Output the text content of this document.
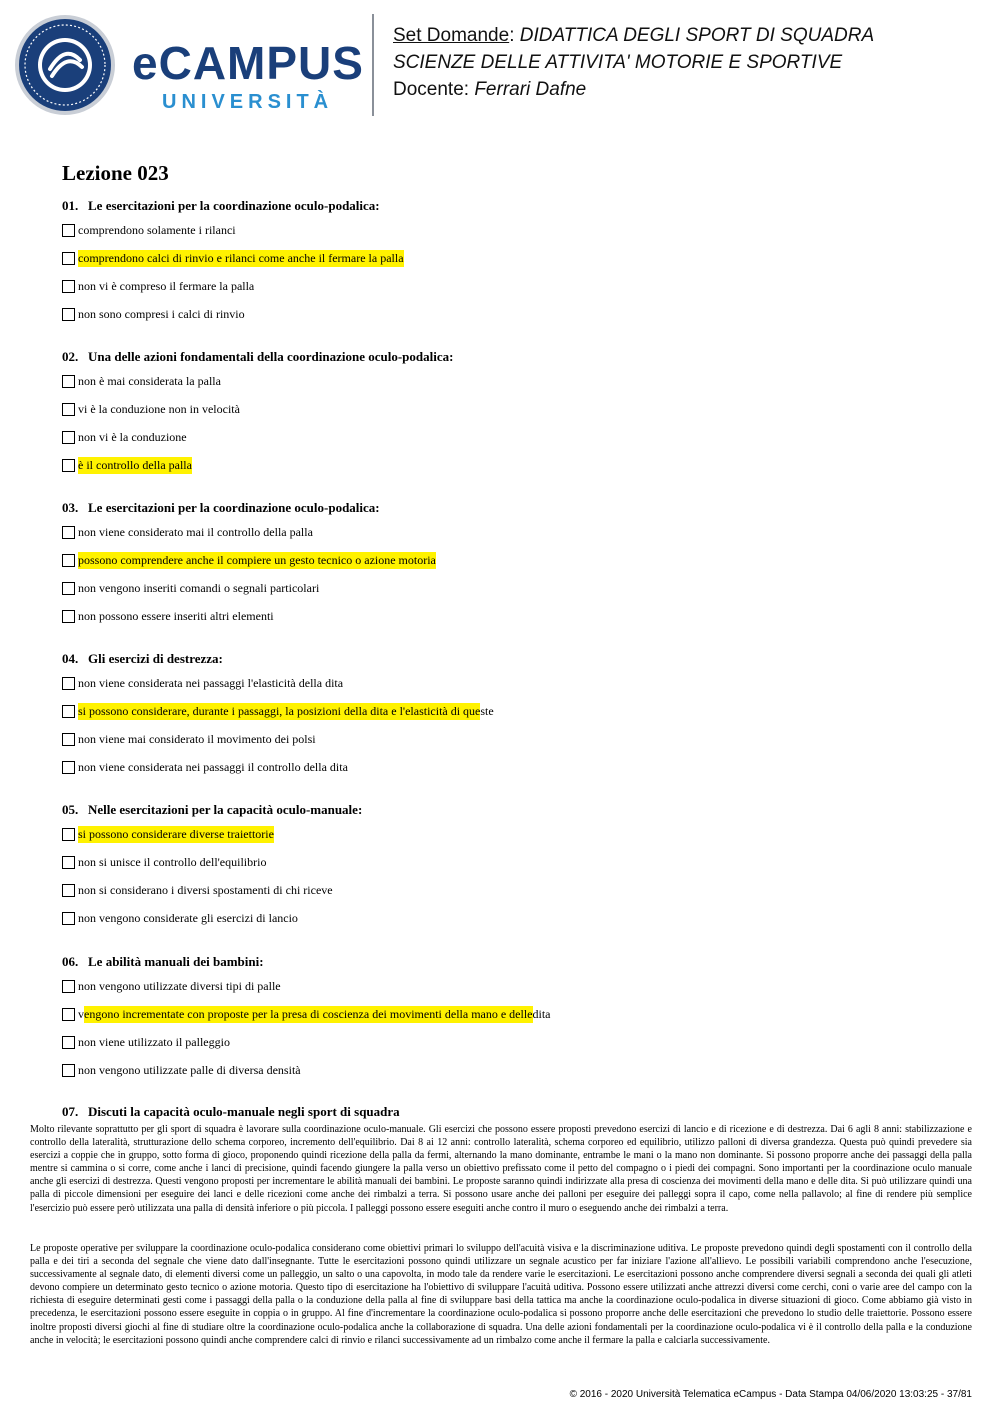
eCAMPUS
UNIVERSITÀ
Set Domande: DIDATTICA DEGLI SPORT DI SQUADRA
SCIENZE DELLE ATTIVITA' MOTORIE E SPORTIVE
Docente: Ferrari Dafne
Lezione 023
01. Le esercitazioni per la coordinazione oculo-podalica:
comprendono solamente i rilanci
comprendono calci di rinvio e rilanci come anche il fermare la palla
non vi è compreso il fermare la palla
non sono compresi i calci di rinvio
02. Una delle azioni fondamentali della coordinazione oculo-podalica:
non è mai considerata la palla
vi è la conduzione non in velocità
non vi è la conduzione
è il controllo della palla
03. Le esercitazioni per la coordinazione oculo-podalica:
non viene considerato mai il controllo della palla
possono comprendere anche il compiere un gesto tecnico o azione motoria
non vengono inseriti comandi o segnali particolari
non possono essere inseriti altri elementi
04. Gli esercizi di destrezza:
non viene considerata nei passaggi l'elasticità della dita
si possono considerare, durante i passaggi, la posizioni della dita e l'elasticità di que ste
non viene mai considerato il movimento dei polsi
non viene considerata nei passaggi il controllo della dita
05. Nelle esercitazioni per la capacità oculo-manuale:
si possono considerare diverse traiettorie
non si unisce il controllo dell'equilibrio
non si considerano i diversi spostamenti di chi riceve
non vengono considerate gli esercizi di lancio
06. Le abilità manuali dei bambini:
non vengono utilizzate diversi tipi di palle
v engono incrementate con proposte per la presa di coscienza dei movimenti della mano e delle dita
non viene utilizzato il palleggio
non vengono utilizzate palle di diversa densità
07. Discuti la capacità oculo-manuale negli sport di squadra
Molto rilevante soprattutto per gli sport di squadra è lavorare sulla coordinazione oculo-manuale. Gli esercizi che possono essere proposti prevedono esercizi di lancio e di ricezione e di destrezza. Dai 6 agli 8 anni: stabilizzazione e controllo della lateralità, strutturazione dello schema corporeo, incremento dell'equilibrio. Dai 8 ai 12 anni: controllo lateralità, schema corporeo ed equilibrio, utilizzo palloni di diversa grandezza. Questa può quindi prevedere sia esercizi a coppie che in gruppo, sotto forma di gioco, proponendo quindi ricezione della palla da fermi, alternando la mano dominante, entrambe le mani o la mano non dominante. Si possono proporre anche dei passaggi della palla mentre si cammina o si corre, come anche i lanci di precisione, quindi facendo giungere la palla verso un obiettivo prefissato come il petto del compagno o i piedi dei compagni. Sono importanti per la coordinazione oculo manuale anche gli esercizi di destrezza. Questi vengono proposti per incrementare le abilità manuali dei bambini. Le proposte saranno quindi indirizzate alla presa di coscienza dei movimenti della mano e delle dita. Si può utilizzare quindi una palla di piccole dimensioni per eseguire dei lanci e delle ricezioni come anche dei rimbalzi a terra. Si possono usare anche dei palloni per eseguire dei palleggi sopra il capo, come nella pallavolo; al fine di rendere più semplice l'esercizio può essere però utilizzata una palla di densità inferiore o più piccola. I palleggi possono essere eseguiti anche contro il muro o eseguendo anche dei rimbalzi a terra.
Le proposte operative per sviluppare la coordinazione oculo-podalica considerano come obiettivi primari lo sviluppo dell'acuità visiva e la discriminazione uditiva. Le proposte prevedono quindi degli spostamenti con il controllo della palla e dei tiri a seconda del segnale che viene dato dall'insegnante. Tutte le esercitazioni possono quindi utilizzare un segnale acustico per far iniziare l'azione all'allievo. Le possibili variabili comprendono anche l'esecuzione, successivamente al segnale dato, di elementi diversi come un palleggio, un salto o una capovolta, in modo tale da rendere varie le esercitazioni. Le esercitazioni possono anche comprendere diversi segnali a seconda dei quali gli atleti devono compiere un determinato gesto tecnico o azione motoria. Questo tipo di esercitazione ha l'obiettivo di sviluppare l'acuità uditiva. Possono essere utilizzati anche attrezzi diversi come cerchi, coni o varie aree del campo con la richiesta di eseguire determinati gesti come i passaggi della palla o la conduzione della palla al fine di sviluppare basi della tattica ma anche la coordinazione oculo-podalica in diverse situazioni di gioco. Come abbiamo già visto in precedenza, le esercitazioni possono essere eseguite in coppia o in gruppo. Al fine d'incrementare la coordinazione oculo-podalica si possono proporre anche delle esercitazioni che prevedono lo studio delle traiettorie. Possono essere inoltre proposti diversi giochi al fine di studiare oltre la coordinazione oculo-podalica anche la collaborazione di squadra. Una delle azioni fondamentali per la coordinazione oculo-podalica vi è il controllo della palla e la conduzione anche in velocità; le esercitazioni possono quindi anche comprendere calci di rinvio e rilanci successivamente ad un rimbalzo come anche il fermare la palla e calciarla successivamente.
© 2016 - 2020 Università Telematica eCampus - Data Stampa 04/06/2020 13:03:25 - 37/81
